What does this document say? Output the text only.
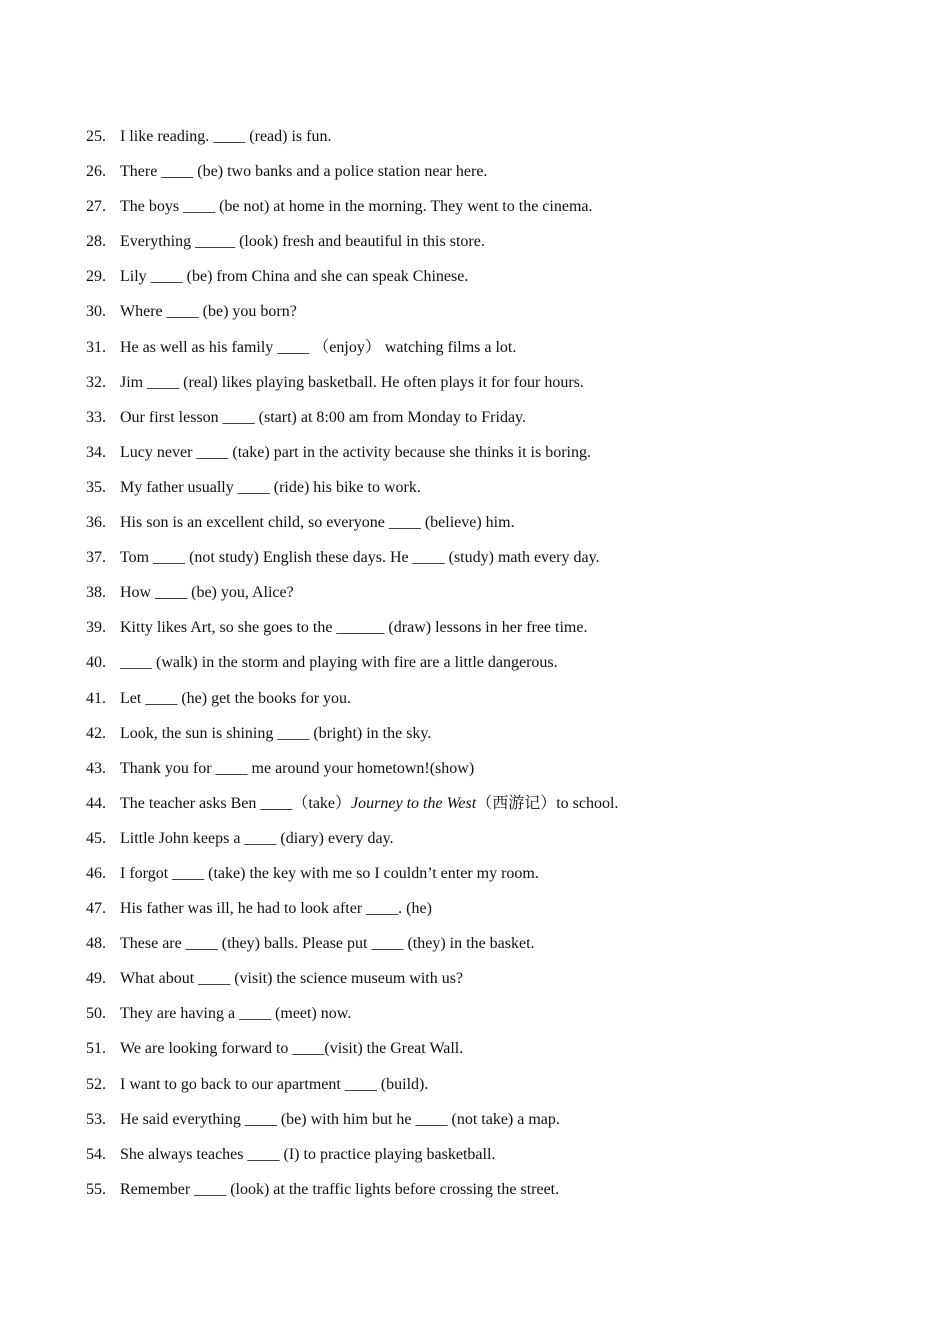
25. I like reading. ____ (read) is fun.
26. There ____ (be) two banks and a police station near here.
27. The boys ____ (be not) at home in the morning. They went to the cinema.
28. Everything _____ (look) fresh and beautiful in this store.
29. Lily ____ (be) from China and she can speak Chinese.
30. Where ____ (be) you born?
31. He as well as his family ____ （enjoy） watching films a lot.
32. Jim ____ (real) likes playing basketball. He often plays it for four hours.
33. Our first lesson ____ (start) at 8:00 am from Monday to Friday.
34. Lucy never ____ (take) part in the activity because she thinks it is boring.
35. My father usually ____ (ride) his bike to work.
36. His son is an excellent child, so everyone ____ (believe) him.
37. Tom ____ (not study) English these days. He ____ (study) math every day.
38. How ____ (be) you, Alice?
39. Kitty likes Art, so she goes to the ______ (draw) lessons in her free time.
40. ____ (walk) in the storm and playing with fire are a little dangerous.
41. Let ____ (he) get the books for you.
42. Look, the sun is shining ____ (bright) in the sky.
43. Thank you for ____ me around your hometown!(show)
44. The teacher asks Ben ____（take）Journey to the West（西游记）to school.
45. Little John keeps a ____ (diary) every day.
46. I forgot ____ (take) the key with me so I couldn’t enter my room.
47. His father was ill, he had to look after ____. (he)
48. These are ____ (they) balls. Please put ____ (they) in the basket.
49. What about ____ (visit) the science museum with us?
50. They are having a ____ (meet) now.
51. We are looking forward to ____(visit) the Great Wall.
52. I want to go back to our apartment ____ (build).
53. He said everything ____ (be) with him but he ____ (not take) a map.
54. She always teaches ____ (I) to practice playing basketball.
55. Remember ____ (look) at the traffic lights before crossing the street.
